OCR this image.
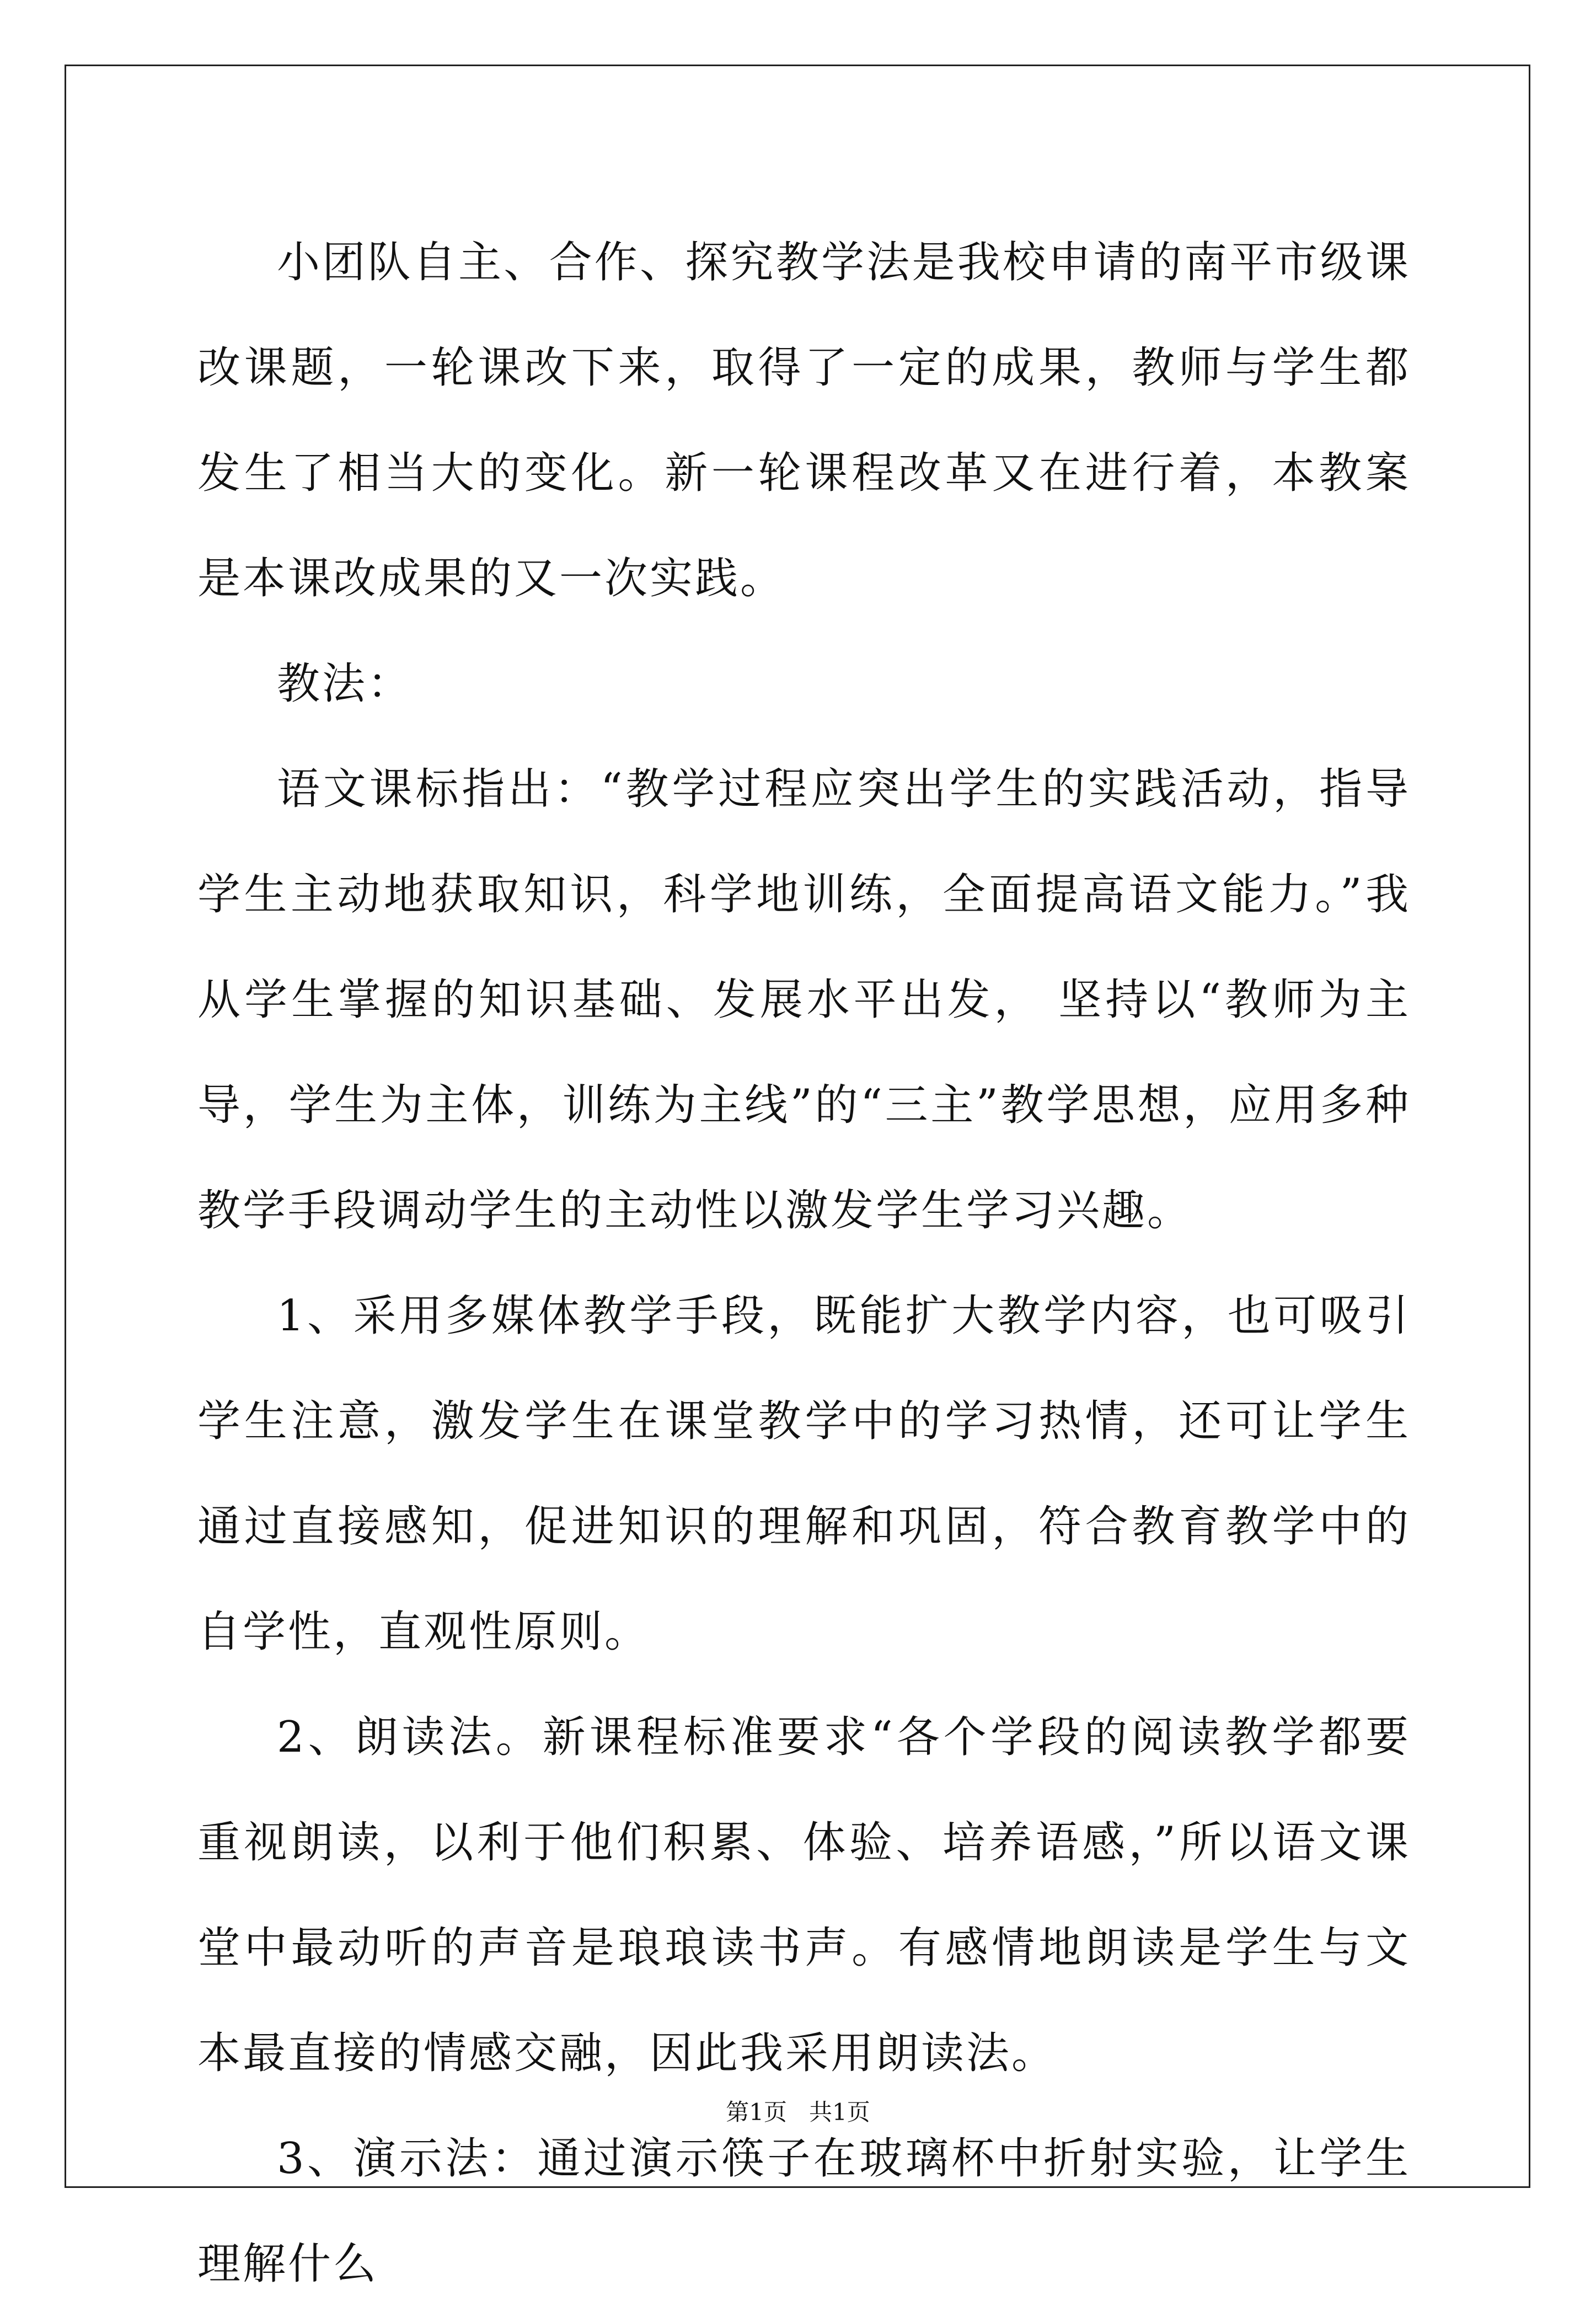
小团队自主、合作、探究教学法是我校申请的南平市级课改课题，一轮课改下来，取得了一定的成果，教师与学生都发生了相当大的变化。新一轮课程改革又在进行着，本教案是本课改成果的又一次实践。

教法：

语文课标指出：“教学过程应突出学生的实践活动，指导学生主动地获取知识，科学地训练，全面提高语文能力。”我从学生掌握的知识基础、发展水平出发， 坚持以“教师为主导，学生为主体，训练为主线”的“三主”教学思想，应用多种教学手段调动学生的主动性以激发学生学习兴趣。

1、采用多媒体教学手段，既能扩大教学内容，也可吸引学生注意，激发学生在课堂教学中的学习热情，还可让学生通过直接感知，促进知识的理解和巩固，符合教育教学中的自学性，直观性原则。

2、朗读法。新课程标准要求“各个学段的阅读教学都要重视朗读，以利于他们积累、体验、培养语感，”所以语文课堂中最动听的声音是琅琅读书声。有感情地朗读是学生与文本最直接的情感交融，因此我采用朗读法。

3、演示法：通过演示筷子在玻璃杯中折射实验，让学生理解什么

第1页 共1页
